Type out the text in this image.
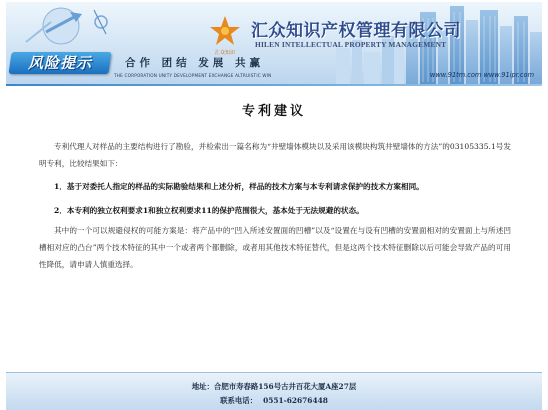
风险提示	合作 团结 发展 共赢
THE CORPORATION UNITY DEVELOPMENT EXCHANGE ALTRUISTIC WIN
汇众知识
汇众知识产权管理有限公司
HILEN INTELLECTUAL PROPERTY MANAGEMENT
www.91tm.com www.91ipr.com
专利建议

专利代理人对样品的主要结构进行了勘验，并检索出一篇名称为“井壁墙体模块以及采用该模块构筑井壁墙体的方法”的03105335.1号发明专利，比较结果如下：

1．基于对委托人指定的样品的实际勘验结果和上述分析，样品的技术方案与本专利请求保护的技术方案相同。

2．本专利的独立权利要求1和独立权利要求11的保护范围很大，基本处于无法规避的状态。

其中的一个可以规避侵权的可能方案是：将产品中的“凹入所述安置面的凹槽”以及“设置在与设有凹槽的安置面相对的安置面上与所述凹槽相对应的凸台”两个技术特征的其中一个或者两个都删除，或者用其他技术特征替代，但是这两个技术特征删除以后可能会导致产品的可用性降低，请申请人慎重选择。

地址：合肥市寿春路156号古井百花大厦A座27层
联系电话： 0551-62676448
